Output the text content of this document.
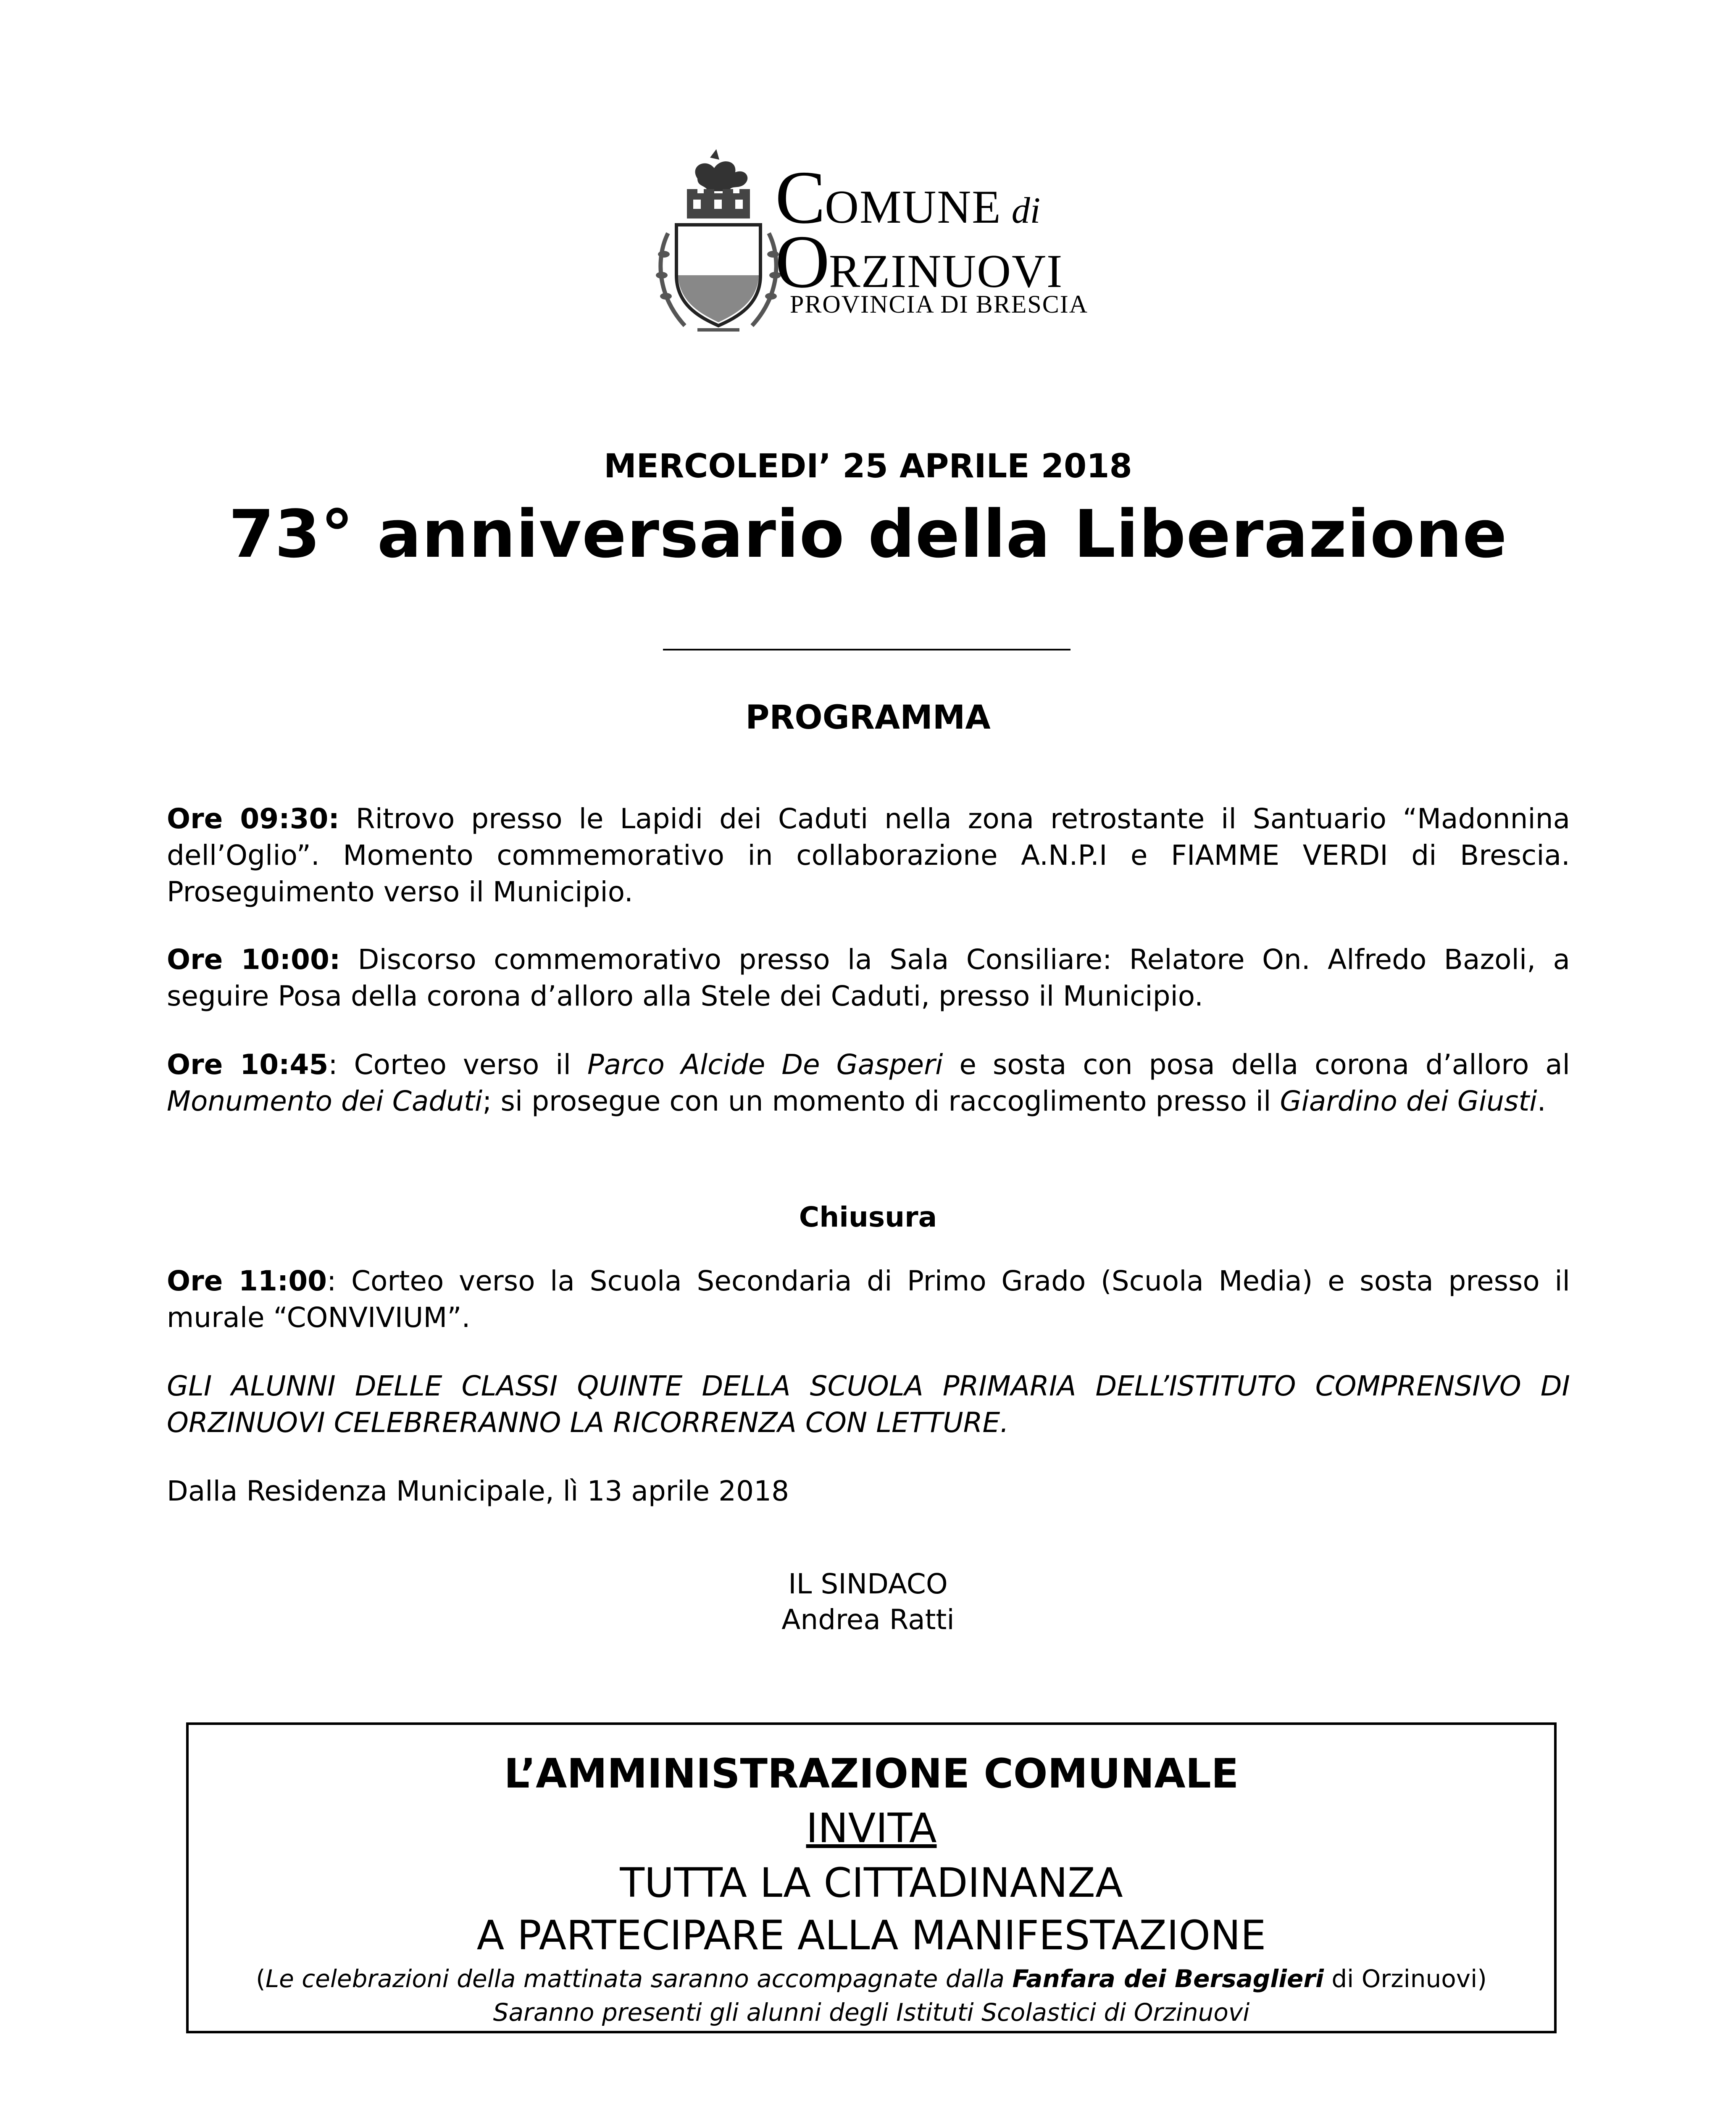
COMUNE di
ORZINUOVI
PROVINCIA DI BRESCIA
MERCOLEDI’ 25 APRILE 2018
73° anniversario della Liberazione
PROGRAMMA

Ore 09:30: Ritrovo presso le Lapidi dei Caduti nella zona retrostante il Santuario “Madonnina dell’Oglio”. Momento commemorativo in collaborazione A.N.P.I e FIAMME VERDI di Brescia. Proseguimento verso il Municipio.

Ore 10:00: Discorso commemorativo presso la Sala Consiliare: Relatore On. Alfredo Bazoli, a seguire Posa della corona d’alloro alla Stele dei Caduti, presso il Municipio.

Ore 10:45: Corteo verso il Parco Alcide De Gasperi e sosta con posa della corona d’alloro al Monumento dei Caduti; si prosegue con un momento di raccoglimento presso il Giardino dei Giusti.

Chiusura

Ore 11:00: Corteo verso la Scuola Secondaria di Primo Grado (Scuola Media) e sosta presso il murale “CONVIVIUM”.

GLI ALUNNI DELLE CLASSI QUINTE DELLA SCUOLA PRIMARIA DELL’ISTITUTO COMPRENSIVO DI ORZINUOVI CELEBRERANNO LA RICORRENZA CON LETTURE.
Dalla Residenza Municipale, lì 13 aprile 2018
IL SINDACO
Andrea Ratti
L’AMMINISTRAZIONE COMUNALE
INVITA
TUTTA LA CITTADINANZA
A PARTECIPARE ALLA MANIFESTAZIONE
(Le celebrazioni della mattinata saranno accompagnate dalla Fanfara dei Bersaglieri di Orzinuovi)
Saranno presenti gli alunni degli Istituti Scolastici di Orzinuovi
